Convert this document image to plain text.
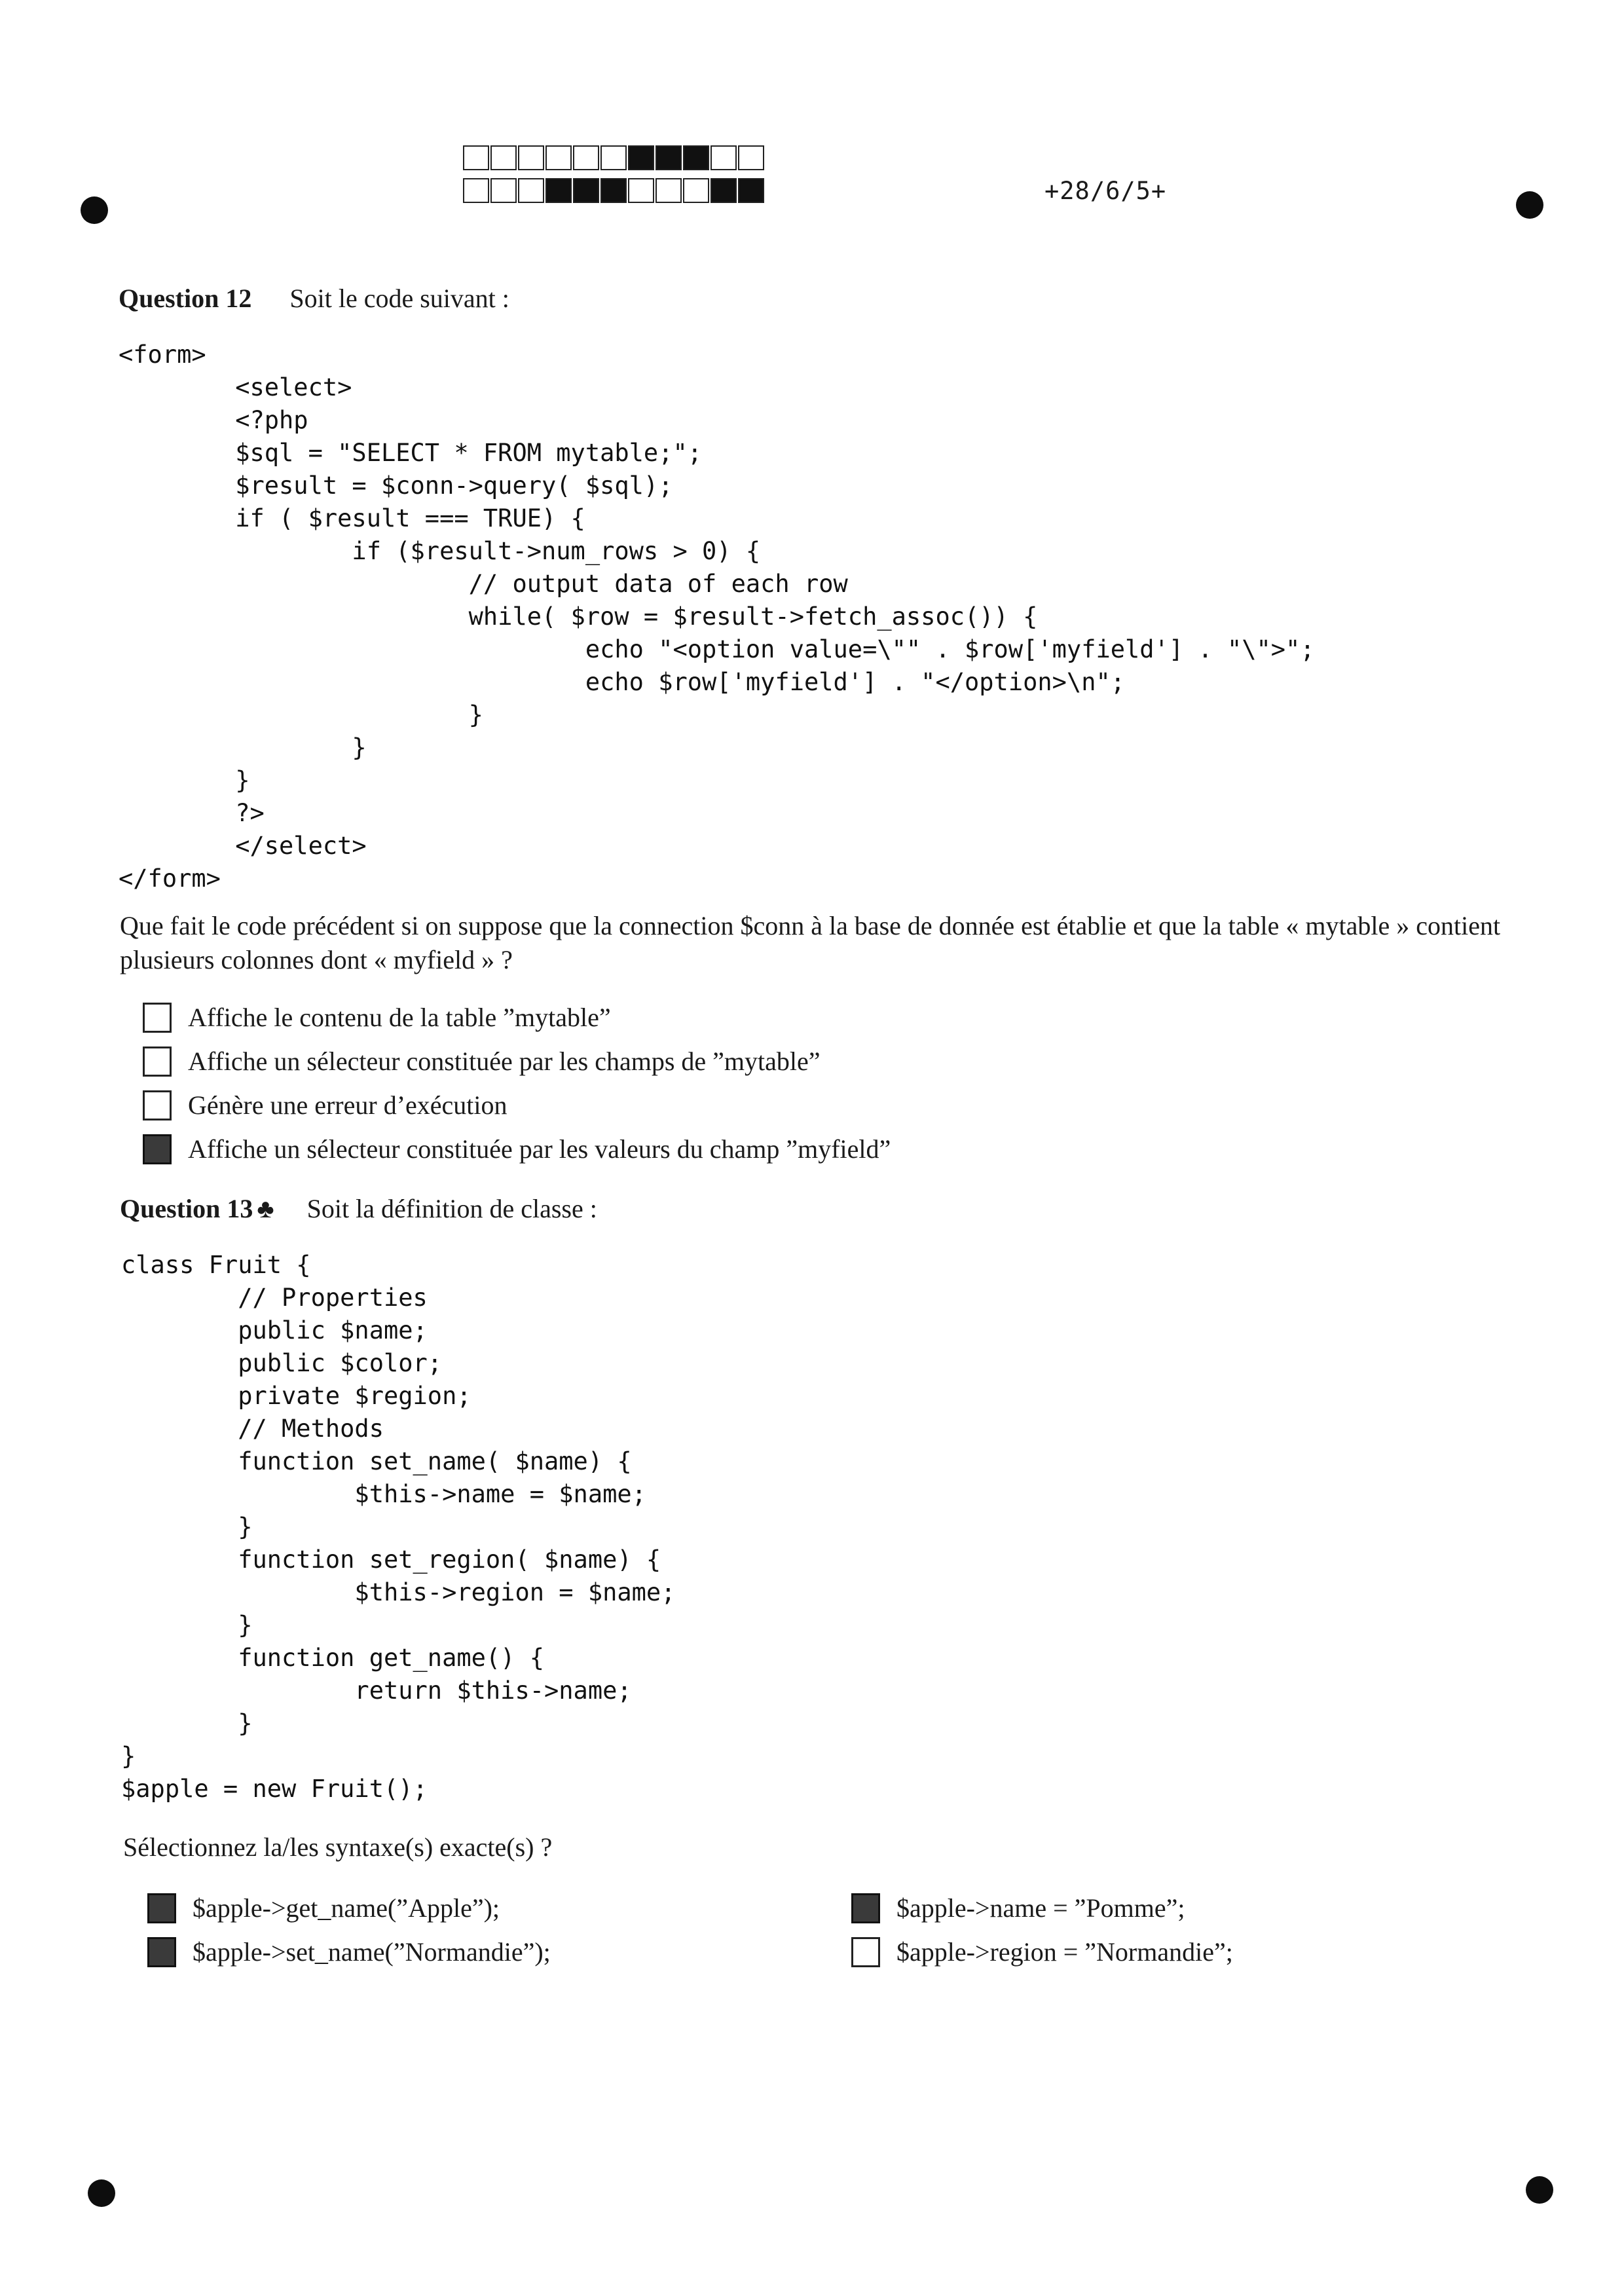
+28/6/5+
Question 12 Soit le code suivant :
<form>
<select>
<?php
$sql = "SELECT * FROM mytable;";
$result = $conn->query( $sql);
if ( $result === TRUE) {
if ($result->num_rows > 0) {
// output data of each row
while( $row = $result->fetch_assoc()) {
echo "<option value=\"" . $row['myfield'] . "\">";
echo $row['myfield'] . "</option>\n";
}
}
}
?>
</select>
</form>
Que fait le code précédent si on suppose que la connection $conn à la base de donnée est établie et que la table « mytable » contient plusieurs colonnes dont « myfield » ?
Affiche le contenu de la table ”mytable”
Affiche un sélecteur constituée par les champs de ”mytable”
Génère une erreur d’exécution
Affiche un sélecteur constituée par les valeurs du champ ”myfield”
Question 13 ♣ Soit la définition de classe :
class Fruit {
// Properties
public $name;
public $color;
private $region;
// Methods
function set_name( $name) {
$this->name = $name;
}
function set_region( $name) {
$this->region = $name;
}
function get_name() {
return $this->name;
}
}
$apple = new Fruit();
Sélectionnez la/les syntaxe(s) exacte(s) ?
$apple->get_name(”Apple”);
$apple->set_name(”Normandie”);
$apple->name = ”Pomme”;
$apple->region = ”Normandie”;
